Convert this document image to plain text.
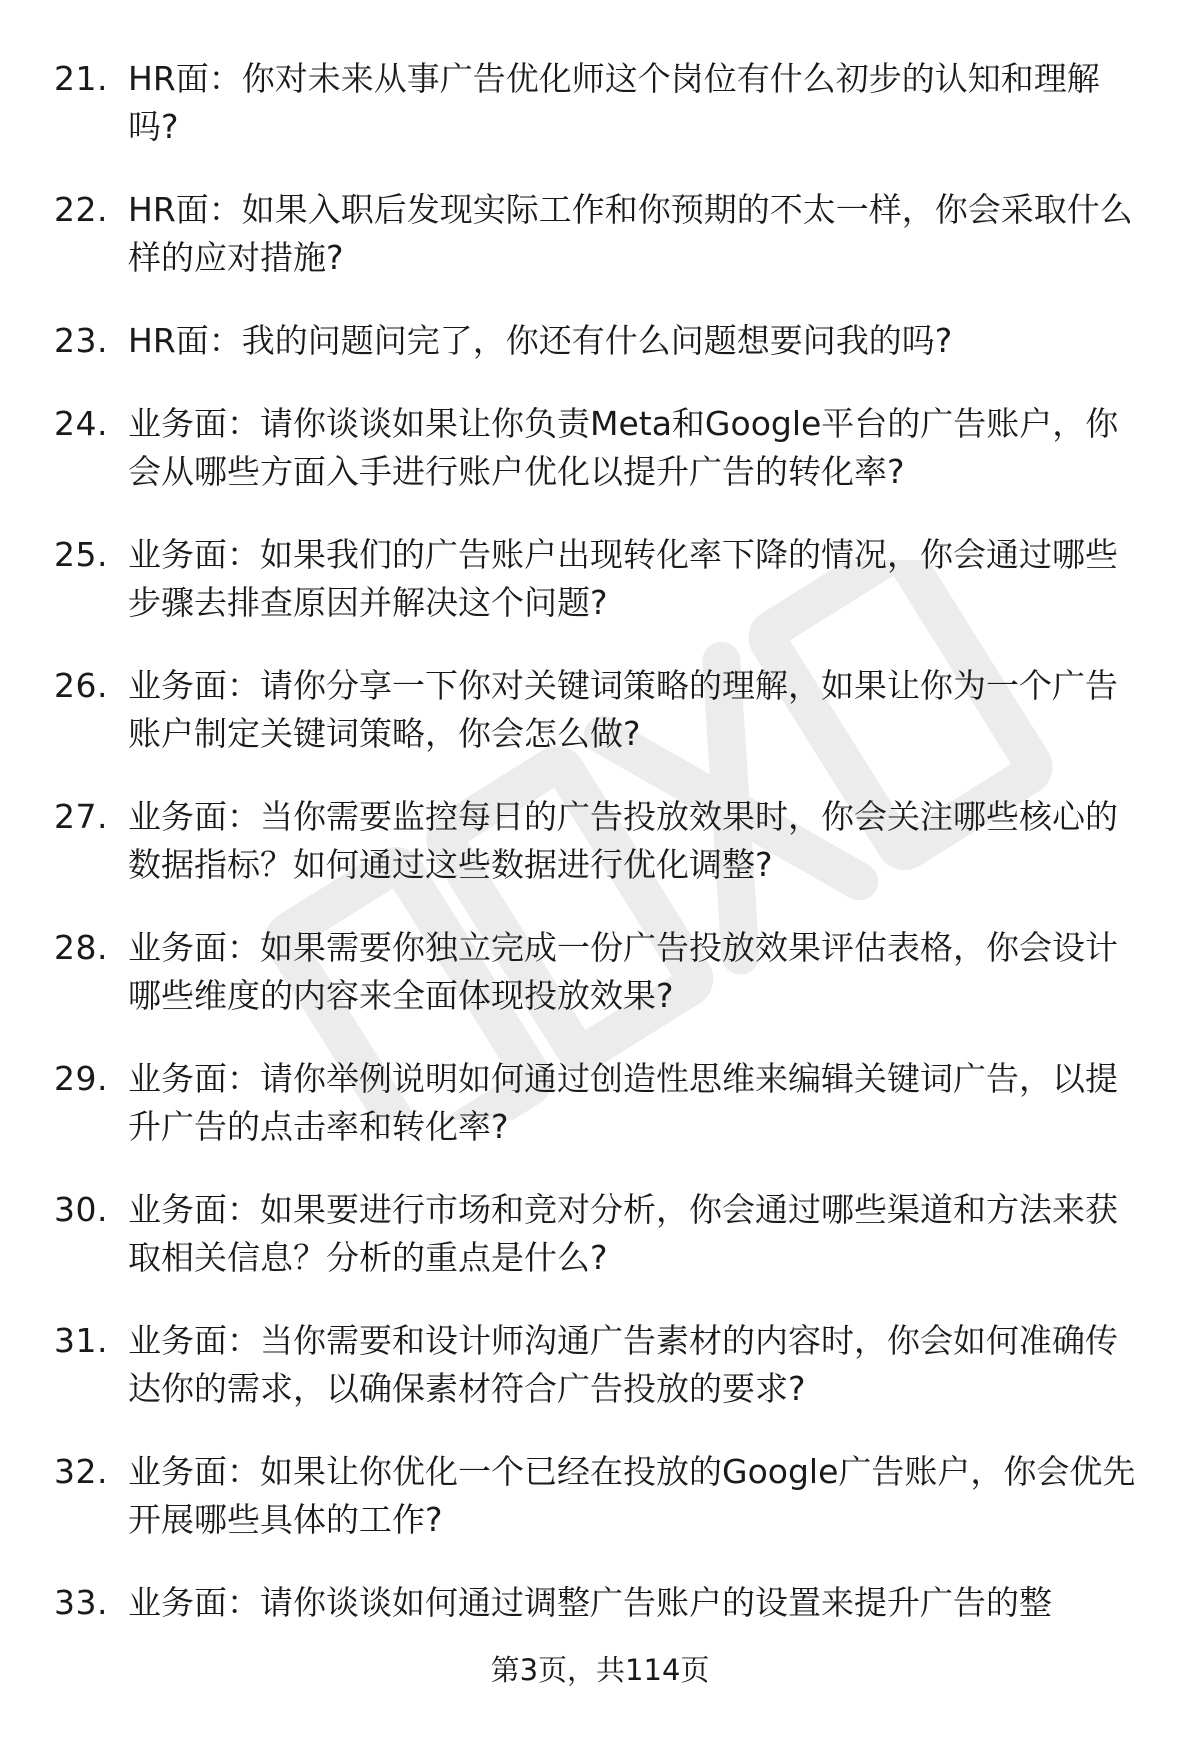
21. HR面：你对未来从事广告优化师这个岗位有什么初步的认知和理解吗?
22. HR面：如果入职后发现实际工作和你预期的不太一样，你会采取什么样的应对措施?
23. HR面：我的问题问完了，你还有什么问题想要问我的吗?
24. 业务面：请你谈谈如果让你负责Meta和Google平台的广告账户，你会从哪些方面入手进行账户优化以提升广告的转化率?
25. 业务面：如果我们的广告账户出现转化率下降的情况，你会通过哪些步骤去排查原因并解决这个问题?
26. 业务面：请你分享一下你对关键词策略的理解，如果让你为一个广告账户制定关键词策略，你会怎么做?
27. 业务面：当你需要监控每日的广告投放效果时，你会关注哪些核心的数据指标？如何通过这些数据进行优化调整?
28. 业务面：如果需要你独立完成一份广告投放效果评估表格，你会设计哪些维度的内容来全面体现投放效果?
29. 业务面：请你举例说明如何通过创造性思维来编辑关键词广告，以提升广告的点击率和转化率?
30. 业务面：如果要进行市场和竞对分析，你会通过哪些渠道和方法来获取相关信息？分析的重点是什么?
31. 业务面：当你需要和设计师沟通广告素材的内容时，你会如何准确传达你的需求，以确保素材符合广告投放的要求?
32. 业务面：如果让你优化一个已经在投放的Google广告账户，你会优先开展哪些具体的工作?
33. 业务面：请你谈谈如何通过调整广告账户的设置来提升广告的整
第3页，共114页
